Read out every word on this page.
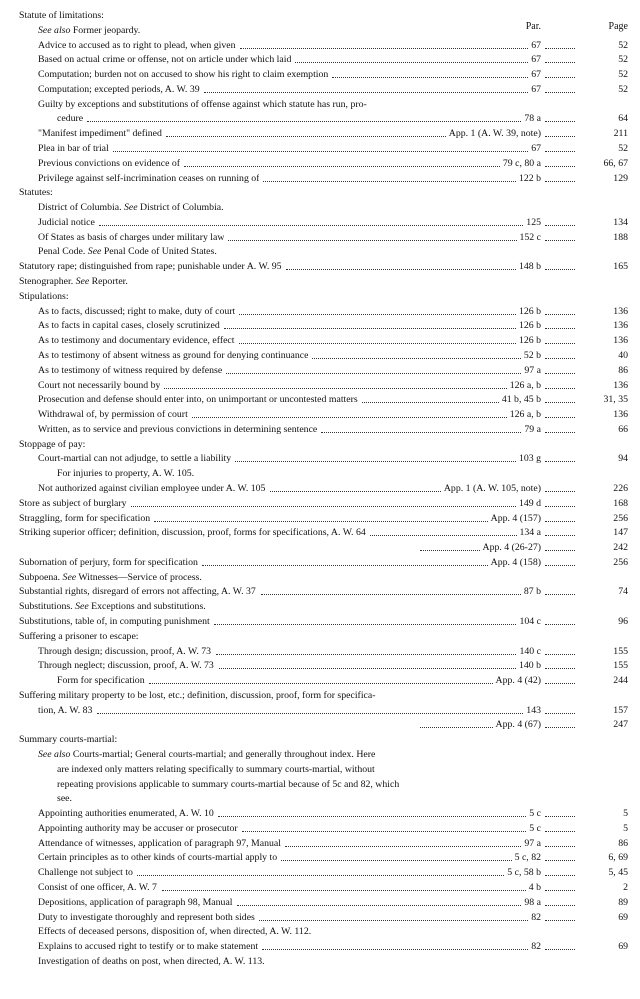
Par.	Page
Statute of limitations:
See also Former jeopardy.
Advice to accused as to right to plead, when given	67	52
Based on actual crime or offense, not on article under which laid	67	52
Computation; burden not on accused to show his right to claim exemption	67	52
Computation; excepted periods, A. W. 39	67	52
Guilty by exceptions and substitutions of offense against which statute has run, pro-
cedure	78 a	64
"Manifest impediment" defined	App. 1 (A. W. 39, note)	211
Plea in bar of trial	67	52
Previous convictions on evidence of	79 c, 80 a	66, 67
Privilege against self-incrimination ceases on running of	122 b	129
Statutes:
District of Columbia. See District of Columbia.
Judicial notice	125	134
Of States as basis of charges under military law	152 c	188
Penal Code. See Penal Code of United States.
Statutory rape; distinguished from rape; punishable under A. W. 95	148 b	165
Stenographer. See Reporter.
Stipulations:
As to facts, discussed; right to make, duty of court	126 b	136
As to facts in capital cases, closely scrutinized	126 b	136
As to testimony and documentary evidence, effect	126 b	136
As to testimony of absent witness as ground for denying continuance	52 b	40
As to testimony of witness required by defense	97 a	86
Court not necessarily bound by	126 a, b	136
Prosecution and defense should enter into, on unimportant or uncontested matters	41 b, 45 b	31, 35
Withdrawal of, by permission of court	126 a, b	136
Written, as to service and previous convictions in determining sentence	79 a	66
Stoppage of pay:
Court-martial can not adjudge, to settle a liability	103 g	94
For injuries to property, A. W. 105.
Not authorized against civilian employee under A. W. 105	App. 1 (A. W. 105, note)	226
Store as subject of burglary	149 d	168
Straggling, form for specification	App. 4 (157)	256
Striking superior officer; definition, discussion, proof, forms for specifications, A. W. 64	134 a	147
App. 4 (26-27)	242
Subornation of perjury, form for specification	App. 4 (158)	256
Subpoena. See Witnesses—Service of process.
Substantial rights, disregard of errors not affecting, A. W. 37	87 b	74
Substitutions. See Exceptions and substitutions.
Substitutions, table of, in computing punishment	104 c	96
Suffering a prisoner to escape:
Through design; discussion, proof, A. W. 73	140 c	155
Through neglect; discussion, proof, A. W. 73	140 b	155
Form for specification	App. 4 (42)	244
Suffering military property to be lost, etc.; definition, discussion, proof, form for specifica-
tion, A. W. 83	143	157
App. 4 (67)	247
Summary courts-martial:
See also Courts-martial; General courts-martial; and generally throughout index. Here
are indexed only matters relating specifically to summary courts-martial, without
repeating provisions applicable to summary courts-martial because of 5c and 82, which
see.
Appointing authorities enumerated, A. W. 10	5 c	5
Appointing authority may be accuser or prosecutor	5 c	5
Attendance of witnesses, application of paragraph 97, Manual	97 a	86
Certain principles as to other kinds of courts-martial apply to	5 c, 82	6, 69
Challenge not subject to	5 c, 58 b	5, 45
Consist of one officer, A. W. 7	4 b	2
Depositions, application of paragraph 98, Manual	98 a	89
Duty to investigate thoroughly and represent both sides	82	69
Effects of deceased persons, disposition of, when directed, A. W. 112.
Explains to accused right to testify or to make statement	82	69
Investigation of deaths on post, when directed, A. W. 113.
